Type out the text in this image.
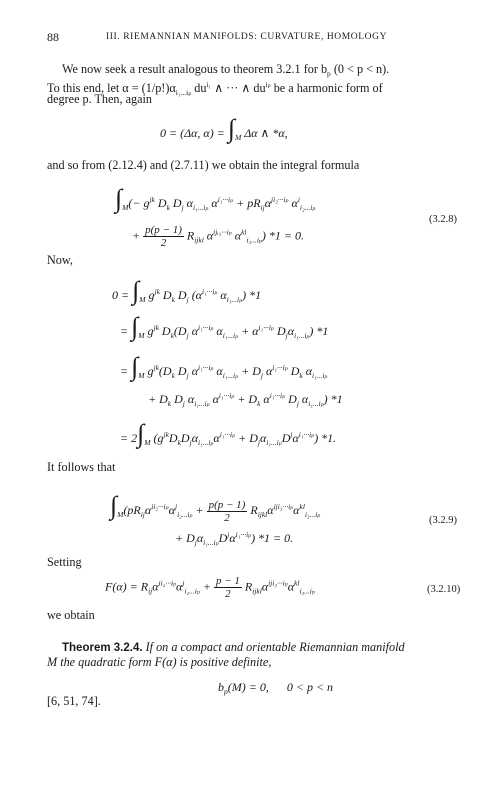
88	III. RIEMANNIAN MANIFOLDS: CURVATURE, HOMOLOGY
We now seek a result analogous to theorem 3.2.1 for $b_p$ (0 < p < n).
To this end, let $\alpha = (1/p!)\alpha_{i_1...i_p}$ $du^{i_1}$ ∧ ··· ∧ $du^{i_p}$ be a harmonic form of
degree p. Then, again
0 = (Δα, $\alpha) = \int_M$ Δα ∧ *α,
and so from (2.12.4) and (2.7.11) we obtain the integral formula
$\int_M(- g^{jk}$ $D_k$ $D_j$ $\alpha_{i_1...i_p}$ $\alpha^{i_1\cdot\cdot\cdot i_p} + pR_{ij}\alpha^{ji_2\cdot\cdot\cdot i_p}$ $\alpha^i_{i_2...i_p}$
(3.2.8)
+ $\frac{p(p - 1)}{2} R_{ijkl}$ $\alpha^{ijᵢ_3\cdot\cdot\cdot i_p}$ $\alpha^{kl}_{i_3...i_p}$) *1 = 0.
Now,
$0 = \int_M$ $g^{jk}$ $D_k$ $D_j$ ($\alpha^{i_1\cdot\cdot\cdot i_p}$ $\alpha_{i_1...i_p}$) *1
= $\int_M$ $g^{jk}$ $D_k(D_j$ $\alpha^{i_1\cdot\cdot\cdot i_p}$ $\alpha_{i_1...i_p} + \alpha^{i_1\cdot\cdot\cdot i_p}$ $D_j\alpha_{i_1...i_p}$) *1
= $\int_M$ $g^{jk}(D_k$ $D_j$ $\alpha^{i_1\cdot\cdot\cdot i_p}$ $\alpha_{i_1...i_p} + D_j$ $\alpha^{i_1\cdot\cdot\cdot i_p}$ $D_k$ $\alpha_{i_1...i_p}$
+ $D_k$ $D_j$ $\alpha_{i_1...i_p}$ $\alpha^{i_1\cdot\cdot\cdot i_p} + D_k$ $\alpha^{i_1\cdot\cdot\cdot i_p}$ $D_j$ $\alpha_{i_1...i_p}$) *1
= $2\int_M$ $(g^{jk}D_kD_j\alpha_{i_1...i_p}\alpha^{i_1\cdot\cdot\cdot i_p} + D_j\alpha_{i_1...i_p}D^j\alpha^{i_1\cdot\cdot\cdot i_p})$ *1.
It follows that
$\int_M(pR_{ij}\alpha^{ii_2\cdot\cdot\cdot i_p}\alpha^j_{i_2...i_p} + \frac{p(p - 1)}{2} R_{ijkl}\alpha^{iji_3\cdot\cdot\cdot i_p}\alpha^{kl}_{i_3...i_p}$
(3.2.9)
+ $D_j\alpha_{i_1...i_p}D^j\alpha^{i_1\cdot\cdot\cdot i_p}$) *1 = 0.
Setting
$F(\alpha) = R_{ij}\alpha^{ii_2\cdot\cdot\cdot i_p}\alpha^j_{i_2...i_p} + \frac{p - 1}{2} R_{ijkl}\alpha^{iji_3\cdot\cdot\cdot i_p}\alpha^{kl}_{i_3...i_p}$	(3.2.10)
we obtain
Theorem 3.2.4. If on a compact and orientable Riemannian manifold
M the quadratic form F(α) is positive definite,
$b_p(M) = 0$, 0 < p < n
[6, 51, 74].
